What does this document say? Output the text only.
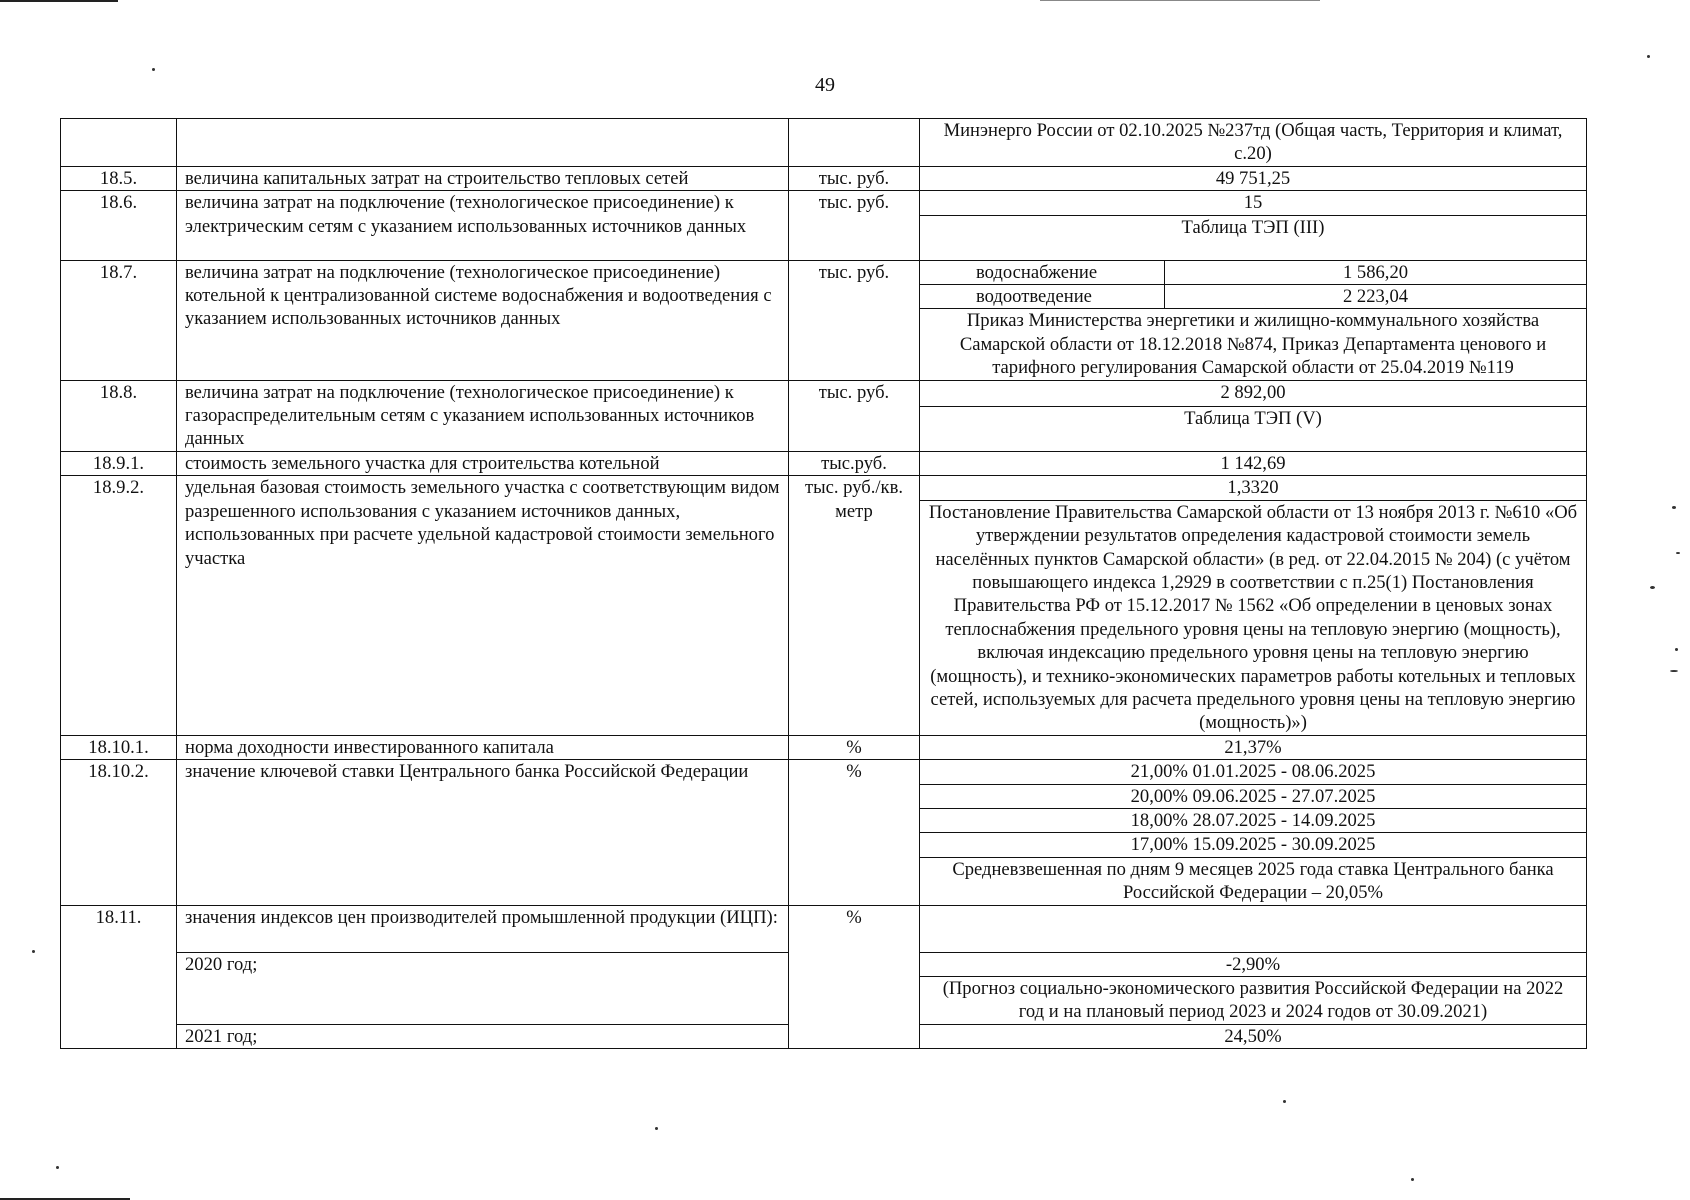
49
			Минэнерго России от 02.10.2025 №237тд (Общая часть, Территория и климат, с.20)	
18.5.	величина капитальных затрат на строительство тепловых сетей	тыс. руб.	49 751,25	
18.6.	величина затрат на подключение (технологическое присоединение) к электрическим сетям с указанием использованных источников данных	тыс. руб.	15	
			Таблица ТЭП (III)	
18.7.	величина затрат на подключение (технологическое присоединение) котельной к централизованной системе водоснабжения и водоотведения с указанием использованных источников данных	тыс. руб.	водоснабжение	1 586,20
			водоотведение	2 223,04
			Приказ Министерства энергетики и жилищно-коммунального хозяйства Самарской области от 18.12.2018 №874, Приказ Департамента ценового и тарифного регулирования Самарской области от 25.04.2019 №119	
18.8.	величина затрат на подключение (технологическое присоединение) к газораспределительным сетям с указанием использованных источников данных	тыс. руб.	2 892,00	
			Таблица ТЭП (V)	
18.9.1.	стоимость земельного участка для строительства котельной	тыс.руб.	1 142,69	
18.9.2.	удельная базовая стоимость земельного участка с соответствующим видом разрешенного использования с указанием источников данных, использованных при расчете удельной кадастровой стоимости земельного участка	тыс. руб./кв. метр	1,3320	
			Постановление Правительства Самарской области от 13 ноября 2013 г. №610 «Об утверждении результатов определения кадастровой стоимости земель населённых пунктов Самарской области» (в ред. от 22.04.2015 № 204) (с учётом повышающего индекса 1,2929 в соответствии с п.25(1) Постановления Правительства РФ от 15.12.2017 № 1562 «Об определении в ценовых зонах теплоснабжения предельного уровня цены на тепловую энергию (мощность), включая индексацию предельного уровня цены на тепловую энергию (мощность), и технико-экономических параметров работы котельных и тепловых сетей, используемых для расчета предельного уровня цены на тепловую энергию (мощность)»)	
18.10.1.	норма доходности инвестированного капитала	%	21,37%	
18.10.2.	значение ключевой ставки Центрального банка Российской Федерации	%	21,00% 01.01.2025 - 08.06.2025	
			20,00% 09.06.2025 - 27.07.2025	
			18,00% 28.07.2025 - 14.09.2025	
			17,00% 15.09.2025 - 30.09.2025	
			Средневзвешенная по дням 9 месяцев 2025 года ставка Центрального банка Российской Федерации – 20,05%	
18.11.	значения индексов цен производителей промышленной продукции (ИЦП):	%		
	2020 год;		-2,90%	
			(Прогноз социально-экономического развития Российской Федерации на 2022 год и на плановый период 2023 и 2024 годов от 30.09.2021)	
	2021 год;		24,50%	
